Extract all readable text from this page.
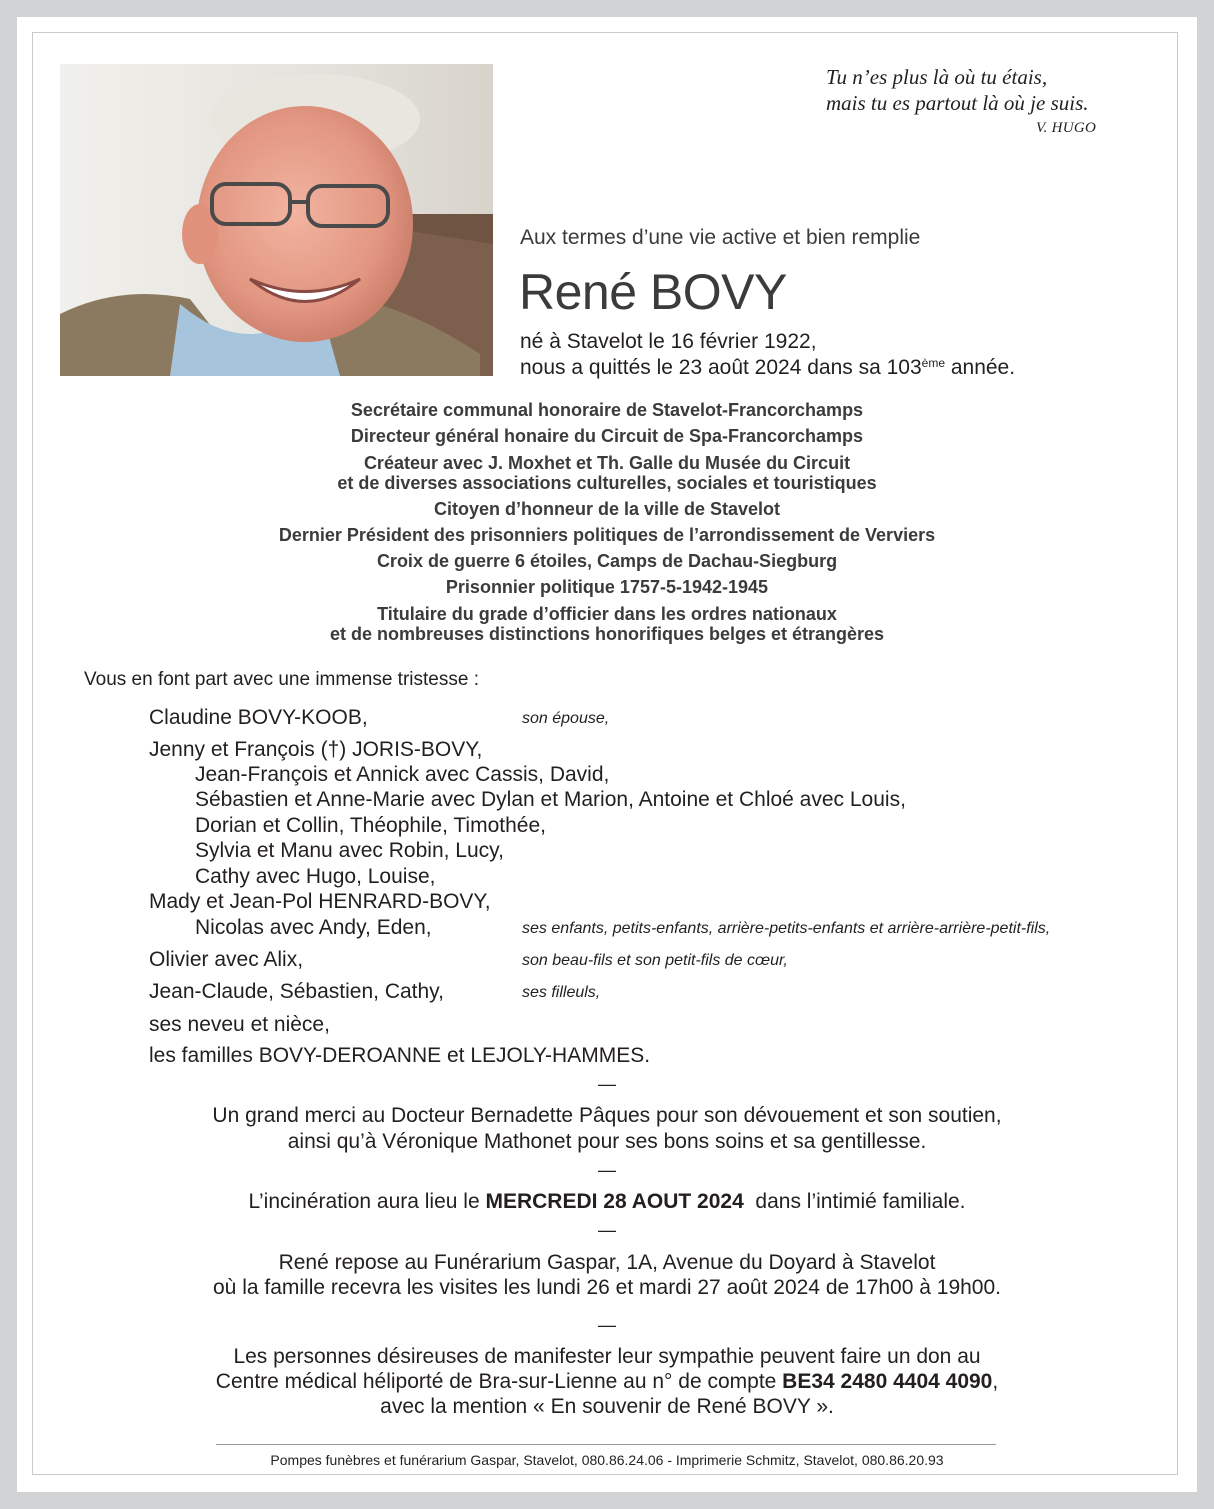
Tu n’es plus là où tu étais,
mais tu es partout là où je suis.
V. HUGO
Aux termes d’une vie active et bien remplie
René BOVY
né à Stavelot le 16 février 1922,
nous a quittés le 23 août 2024 dans sa 103ème année.
Secrétaire communal honoraire de Stavelot-Francorchamps
Directeur général honaire du Circuit de Spa-Francorchamps
Créateur avec J. Moxhet et Th. Galle du Musée du Circuit
et de diverses associations culturelles, sociales et touristiques
Citoyen d’honneur de la ville de Stavelot
Dernier Président des prisonniers politiques de l’arrondissement de Verviers
Croix de guerre 6 étoiles, Camps de Dachau-Siegburg
Prisonnier politique 1757-5-1942-1945
Titulaire du grade d’officier dans les ordres nationaux
et de nombreuses distinctions honorifiques belges et étrangères
Vous en font part avec une immense tristesse :
Claudine BOVY-KOOB,	son épouse,
Jenny et François (†) JORIS-BOVY,
Jean-François et Annick avec Cassis, David,
Sébastien et Anne-Marie avec Dylan et Marion, Antoine et Chloé avec Louis,
Dorian et Collin, Théophile, Timothée,
Sylvia et Manu avec Robin, Lucy,
Cathy avec Hugo, Louise,
Mady et Jean-Pol HENRARD-BOVY,
Nicolas avec Andy, Eden,	ses enfants, petits-enfants, arrière-petits-enfants et arrière-arrière-petit-fils,
Olivier avec Alix,	son beau-fils et son petit-fils de cœur,
Jean-Claude, Sébastien, Cathy,	ses filleuls,
ses neveu et nièce,
les familles BOVY-DEROANNE et LEJOLY-HAMMES.
—
Un grand merci au Docteur Bernadette Pâques pour son dévouement et son soutien,
ainsi qu’à Véronique Mathonet pour ses bons soins et sa gentillesse.
—
L’incinération aura lieu le MERCREDI 28 AOUT 2024  dans l’intimié familiale.
—
René repose au Funérarium Gaspar, 1A, Avenue du Doyard à Stavelot
où la famille recevra les visites les lundi 26 et mardi 27 août 2024 de 17h00 à 19h00.
—
Les personnes désireuses de manifester leur sympathie peuvent faire un don au
Centre médical héliporté de Bra-sur-Lienne au n° de compte BE34 2480 4404 4090,
avec la mention « En souvenir de René BOVY ».
Pompes funèbres et funérarium Gaspar, Stavelot, 080.86.24.06 - Imprimerie Schmitz, Stavelot, 080.86.20.93
